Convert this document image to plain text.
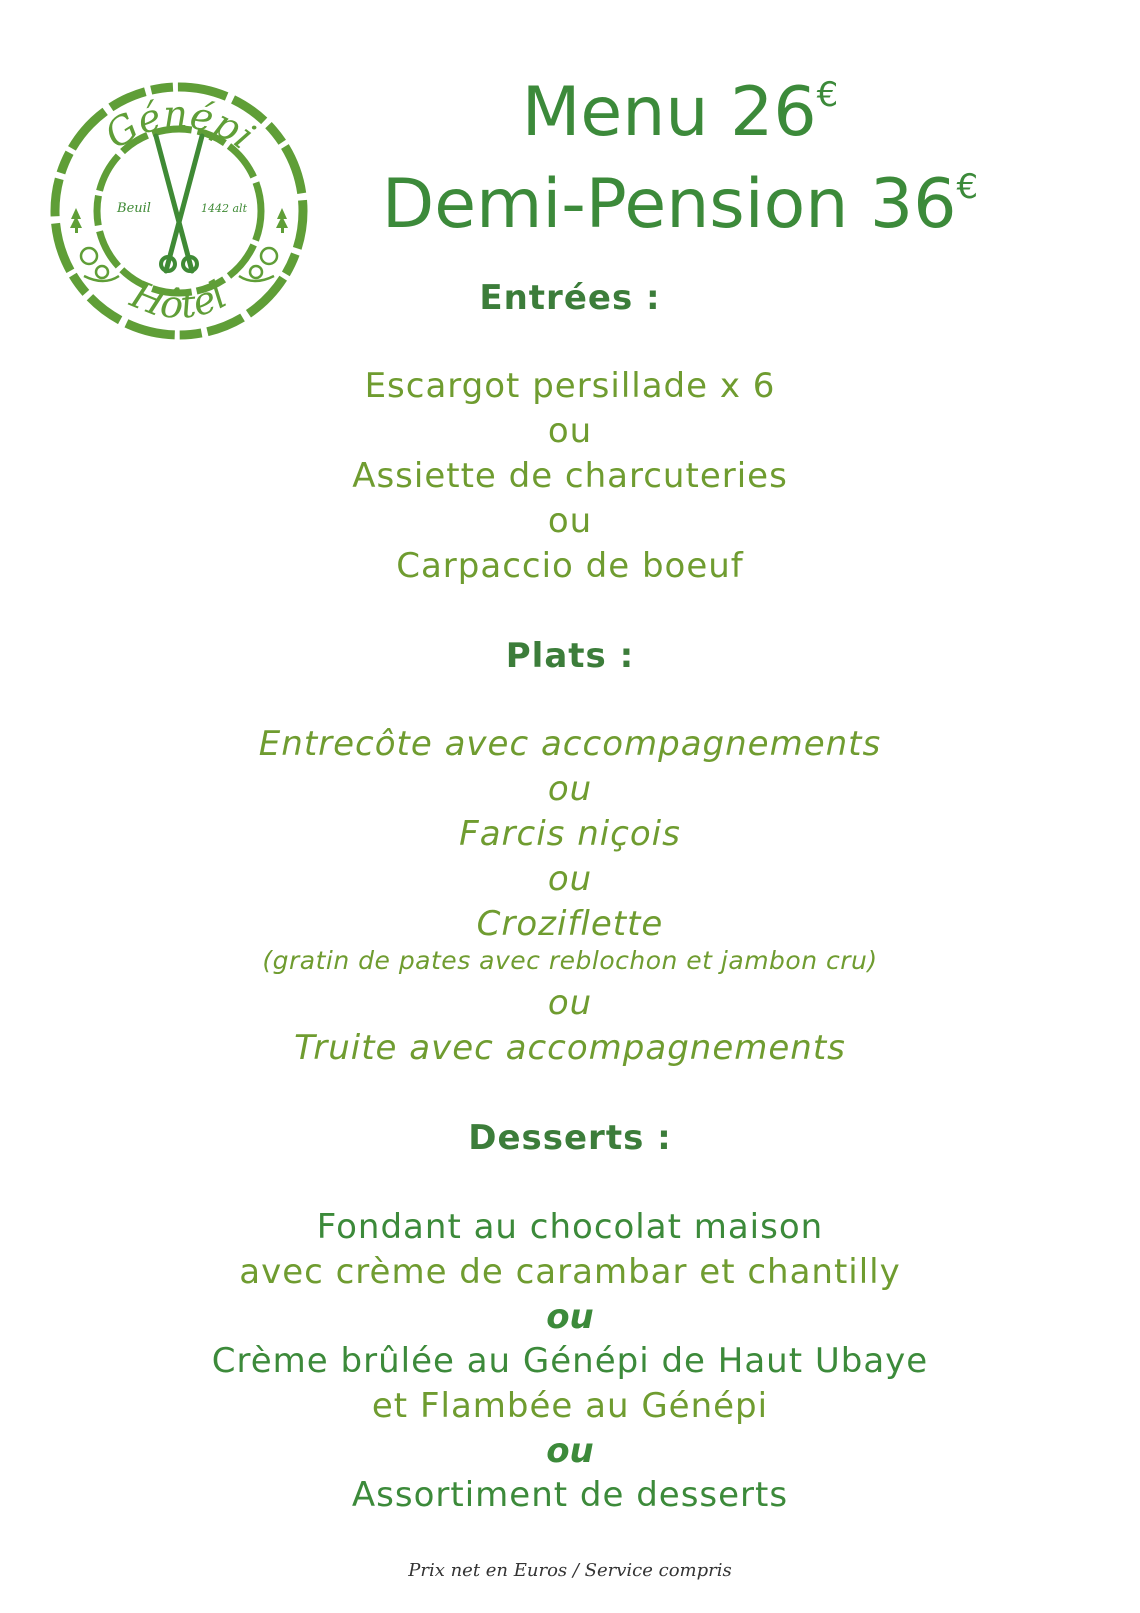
Génépi
Hôtel
Beuil	1442 alt
Menu 26€
Demi-Pension 36€
Entrées :
Escargot persillade x 6
ou
Assiette de charcuteries
ou
Carpaccio de boeuf
Plats :
Entrecôte avec accompagnements
ou
Farcis niçois
ou
Croziflette
(gratin de pates avec reblochon et jambon cru)
ou
Truite avec accompagnements
Desserts :
Fondant au chocolat maison
avec crème de carambar et chantilly
ou
Crème brûlée au Génépi de Haut Ubaye
et Flambée au Génépi
ou
Assortiment de desserts
Prix net en Euros / Service compris
